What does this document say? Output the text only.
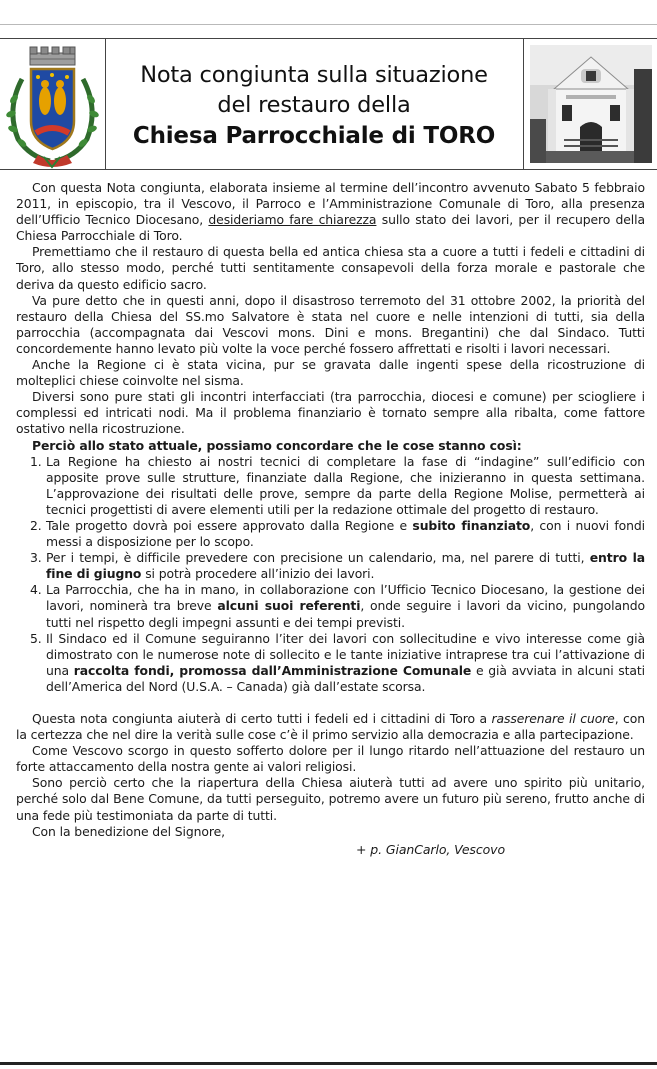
Nota congiunta sulla situazione
del restauro della
Chiesa Parrocchiale di TORO

Con questa Nota congiunta, elaborata insieme al termine dell’incontro avvenuto Sabato 5 febbraio 2011, in episcopio, tra il Vescovo, il Parroco e l’Amministrazione Comunale di Toro, alla presenza dell’Ufficio Tecnico Diocesano, desideriamo fare chiarezza sullo stato dei lavori, per il recupero della Chiesa Parrocchiale di Toro.

Premettiamo che il restauro di questa bella ed antica chiesa sta a cuore a tutti i fedeli e cittadini di Toro, allo stesso modo, perché tutti sentitamente consapevoli della forza morale e pastorale che deriva da questo edificio sacro.

Va pure detto che in questi anni, dopo il disastroso terremoto del 31 ottobre 2002, la priorità del restauro della Chiesa del SS.mo Salvatore è stata nel cuore e nelle intenzioni di tutti, sia della parrocchia (accompagnata dai Vescovi mons. Dini e mons. Bregantini) che dal Sindaco. Tutti concordemente hanno levato più volte la voce perché fossero affrettati e risolti i lavori necessari.

Anche la Regione ci è stata vicina, pur se gravata dalle ingenti spese della ricostruzione di molteplici chiese coinvolte nel sisma.

Diversi sono pure stati gli incontri interfacciati (tra parrocchia, diocesi e comune) per sciogliere i complessi ed intricati nodi. Ma il problema finanziario è tornato sempre alla ribalta, come fattore ostativo nella ricostruzione.

Perciò allo stato attuale, possiamo concordare che le cose stanno così:

1. La Regione ha chiesto ai nostri tecnici di completare la fase di “indagine” sull’edificio con apposite prove sulle strutture, finanziate dalla Regione, che inizieranno in questa settimana. L’approvazione dei risultati delle prove, sempre da parte della Regione Molise, permetterà ai tecnici progettisti di avere elementi utili per la redazione ottimale del progetto di restauro.
2. Tale progetto dovrà poi essere approvato dalla Regione e subito finanziato, con i nuovi fondi messi a disposizione per lo scopo.
3. Per i tempi, è difficile prevedere con precisione un calendario, ma, nel parere di tutti, entro la fine di giugno si potrà procedere all’inizio dei lavori.
4. La Parrocchia, che ha in mano, in collaborazione con l’Ufficio Tecnico Diocesano, la gestione dei lavori, nominerà tra breve alcuni suoi referenti, onde seguire i lavori da vicino, pungolando tutti nel rispetto degli impegni assunti e dei tempi previsti.
5. Il Sindaco ed il Comune seguiranno l’iter dei lavori con sollecitudine e vivo interesse come già dimostrato con le numerose note di sollecito e le tante iniziative intraprese tra cui l’attivazione di una raccolta fondi, promossa dall’Amministrazione Comunale e già avviata in alcuni stati dell’America del Nord (U.S.A. – Canada) già dall’estate scorsa.

Questa nota congiunta aiuterà di certo tutti i fedeli ed i cittadini di Toro a rasserenare il cuore, con la certezza che nel dire la verità sulle cose c’è il primo servizio alla democrazia e alla partecipazione.

Come Vescovo scorgo in questo sofferto dolore per il lungo ritardo nell’attuazione del restauro un forte attaccamento della nostra gente ai valori religiosi.

Sono perciò certo che la riapertura della Chiesa aiuterà tutti ad avere uno spirito più unitario, perché solo dal Bene Comune, da tutti perseguito, potremo avere un futuro più sereno, frutto anche di una fede più testimoniata da parte di tutti.

Con la benedizione del Signore,

+ p. GianCarlo, Vescovo
